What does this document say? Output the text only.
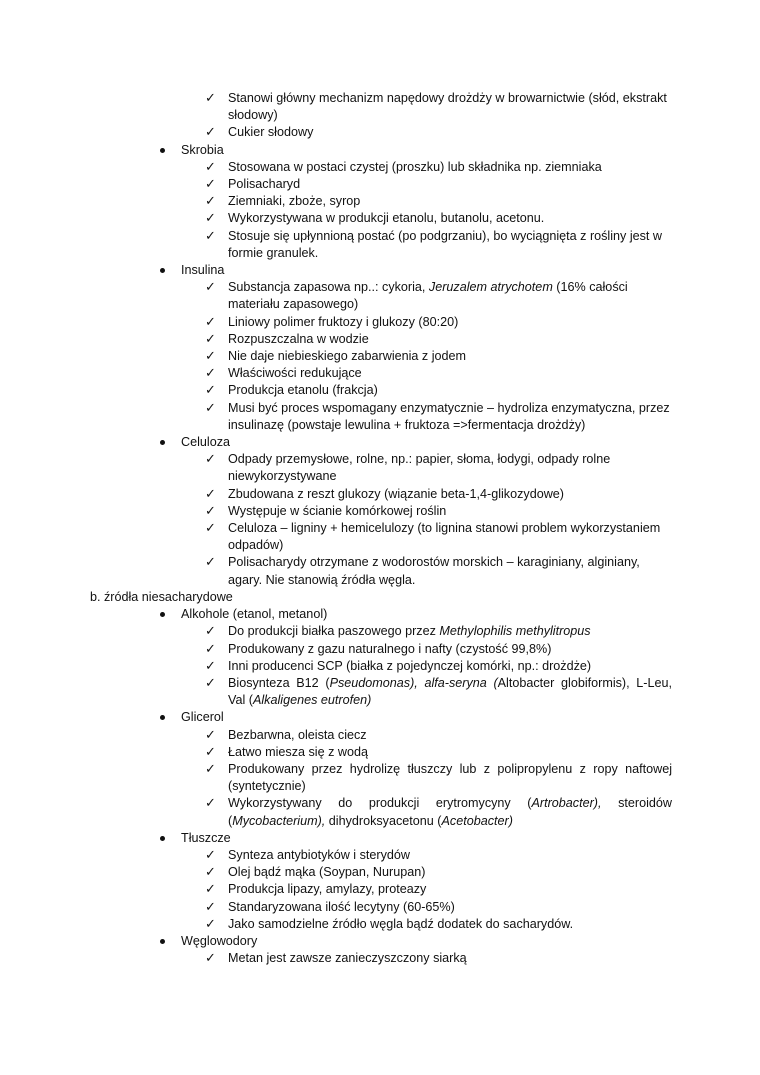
✓ Stanowi główny mechanizm napędowy drożdży w browarnictwie (słód, ekstrakt słodowy)
✓ Cukier słodowy
Skrobia
✓ Stosowana w postaci czystej (proszku) lub składnika np. ziemniaka
✓ Polisacharyd
✓ Ziemniaki, zboże, syrop
✓ Wykorzystywana w produkcji etanolu, butanolu, acetonu.
✓ Stosuje się upłynnioną postać (po podgrzaniu), bo wyciągnięta z rośliny jest w formie granulek.
Insulina
✓ Substancja zapasowa np..: cykoria, Jeruzalem atrychotem (16% całości materiału zapasowego)
✓ Liniowy polimer fruktozy i glukozy (80:20)
✓ Rozpuszczalna w wodzie
✓ Nie daje niebieskiego zabarwienia z jodem
✓ Właściwości redukujące
✓ Produkcja etanolu (frakcja)
✓ Musi być proces wspomagany enzymatycznie – hydroliza enzymatyczna, przez insulinazę (powstaje lewulina + fruktoza =>fermentacja drożdży)
Celuloza
✓ Odpady przemysłowe, rolne, np.: papier, słoma, łodygi, odpady rolne niewykorzystywane
✓ Zbudowana z reszt glukozy (wiązanie beta-1,4-glikozydowe)
✓ Występuje w ścianie komórkowej roślin
✓ Celuloza – ligniny + hemicelulozy (to lignina stanowi problem wykorzystaniem odpadów)
✓ Polisacharydy otrzymane z wodorostów morskich – karaginiany, alginiany, agary. Nie stanowią źródła węgla.
b. źródła niesacharydowe
Alkohole (etanol, metanol)
✓ Do produkcji białka paszowego przez Methylophilis methylitropus
✓ Produkowany z gazu naturalnego i nafty (czystość 99,8%)
✓ Inni producenci SCP (białka z pojedynczej komórki, np.: drożdże)
✓ Biosynteza B12 (Pseudomonas), alfa-seryna (Altobacter globiformis), L-Leu, Val (Alkaligenes eutrofen)
Glicerol
✓ Bezbarwna, oleista ciecz
✓ Łatwo miesza się z wodą
✓ Produkowany przez hydrolizę tłuszczy lub z polipropylenu z ropy naftowej (syntetycznie)
✓ Wykorzystywany do produkcji erytromycyny (Artrobacter), steroidów (Mycobacterium), dihydroksyacetonu (Acetobacter)
Tłuszcze
✓ Synteza antybiotyków i sterydów
✓ Olej bądź mąka (Soypan, Nurupan)
✓ Produkcja lipazy, amylazy, proteazy
✓ Standaryzowana ilość lecytyny (60-65%)
✓ Jako samodzielne źródło węgla bądź dodatek do sacharydów.
Węglowodory
✓ Metan jest zawsze zanieczyszczony siarką
